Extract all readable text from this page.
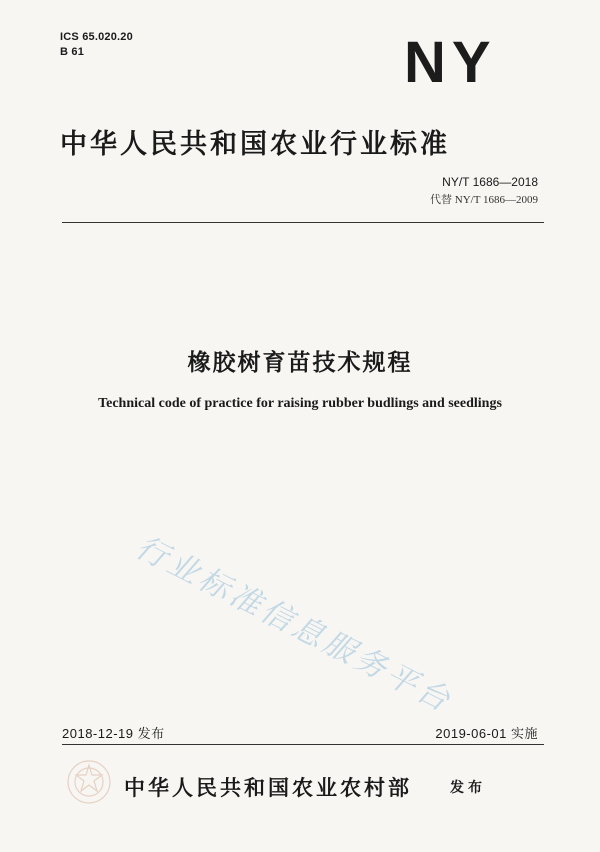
ICS 65.020.20
B 61	NY
中华人民共和国农业行业标准
NY/T 1686—2018
代替 NY/T 1686—2009
橡胶树育苗技术规程
Technical code of practice for raising rubber budlings and seedlings
行业标准信息服务平台
2018-12-19 发布	2019-06-01 实施
中华人民共和国农业农村部	发布
